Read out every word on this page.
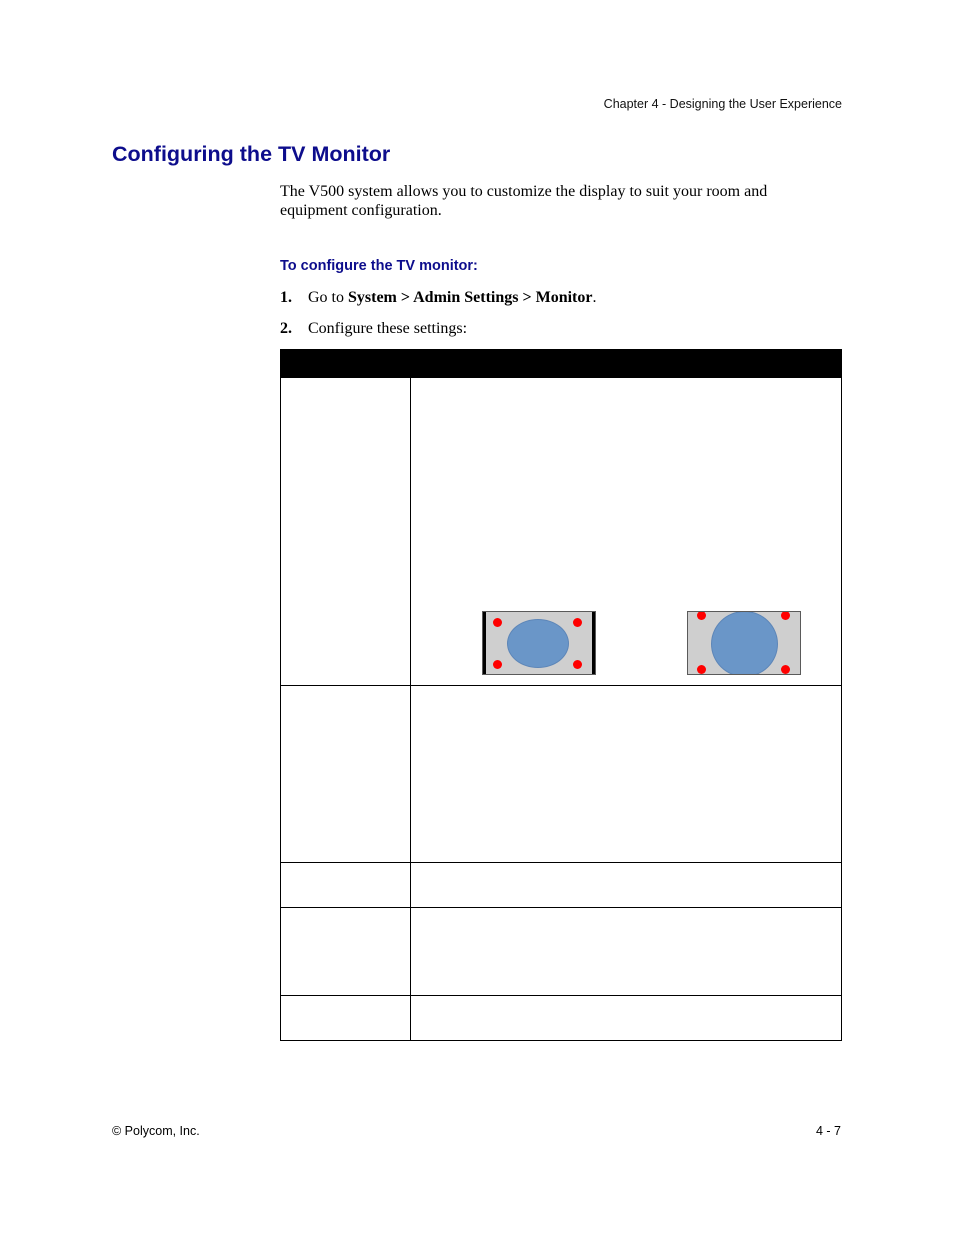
Chapter 4 - Designing the User Experience
Configuring the TV Monitor

The V500 system allows you to customize the display to suit your room and equipment configuration.

To configure the TV monitor:
1. Go to System > Admin Settings > Monitor.
2. Configure these settings:
© Polycom, Inc.	4 - 7
